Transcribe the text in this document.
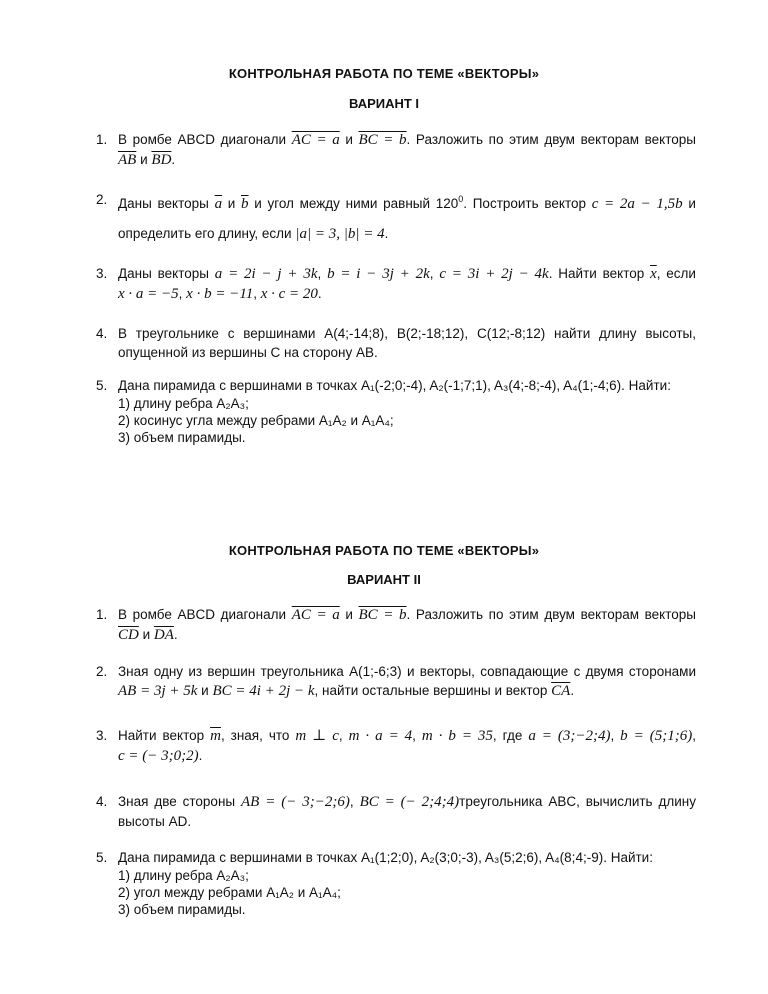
КОНТРОЛЬНАЯ РАБОТА ПО ТЕМЕ «ВЕКТОРЫ»
ВАРИАНТ I
1. В ромбе ABCD диагонали AC = a и BC = b. Разложить по этим двум векторам векторы
$\overline{AB}$ и $\overline{BD}$.
2. Даны векторы $\overline{a}$ и $\overline{b}$ и угол между ними равный $120^0$. Построить вектор c = 2a − 1,5b и
определить его длину, если |a| = 3, |b| = 4.
3. Даны векторы a = 2i − j + 3k, b = i − 3j + 2k, c = 3i + 2j − 4k. Найти вектор $\overline{x}$, если
x · a = −5, x · b = −11, x · c = 20.
4. В треугольнике с вершинами A(4;-14;8), B(2;-18;12), C(12;-8;12) найти длину высоты, опущенной из вершины C на сторону AB.
5. Дана пирамида с вершинами в точках A₁(-2;0;-4), A₂(-1;7;1), A₃(4;-8;-4), A₄(1;-4;6). Найти:
1) длину ребра A₂A₃;
2) косинус угла между ребрами A₁A₂ и A₁A₄;
3) объем пирамиды.
КОНТРОЛЬНАЯ РАБОТА ПО ТЕМЕ «ВЕКТОРЫ»
ВАРИАНТ II
1. В ромбе ABCD диагонали AC = a и BC = b. Разложить по этим двум векторам векторы
$\overline{CD}$ и $\overline{DA}$.
2. Зная одну из вершин треугольника A(1;-6;3) и векторы, совпадающие с двумя сторонами
AB = 3j + 5k и BC = 4i + 2j − k, найти остальные вершины и вектор $\overline{CA}$.
3. Найти вектор $\overline{m}$, зная, что m ⊥ c, m · a = 4, m · b = 35, где a = (3;−2;4), b = (5;1;6),
c = (− 3;0;2).
4. Зная две стороны AB = (− 3;−2;6), BC = (− 2;4;4)треугольника ABC, вычислить длину
высоты AD.
5. Дана пирамида с вершинами в точках A₁(1;2;0), A₂(3;0;-3), A₃(5;2;6), A₄(8;4;-9). Найти:
1) длину ребра A₂A₃;
2) угол между ребрами A₁A₂ и A₁A₄;
3) объем пирамиды.
